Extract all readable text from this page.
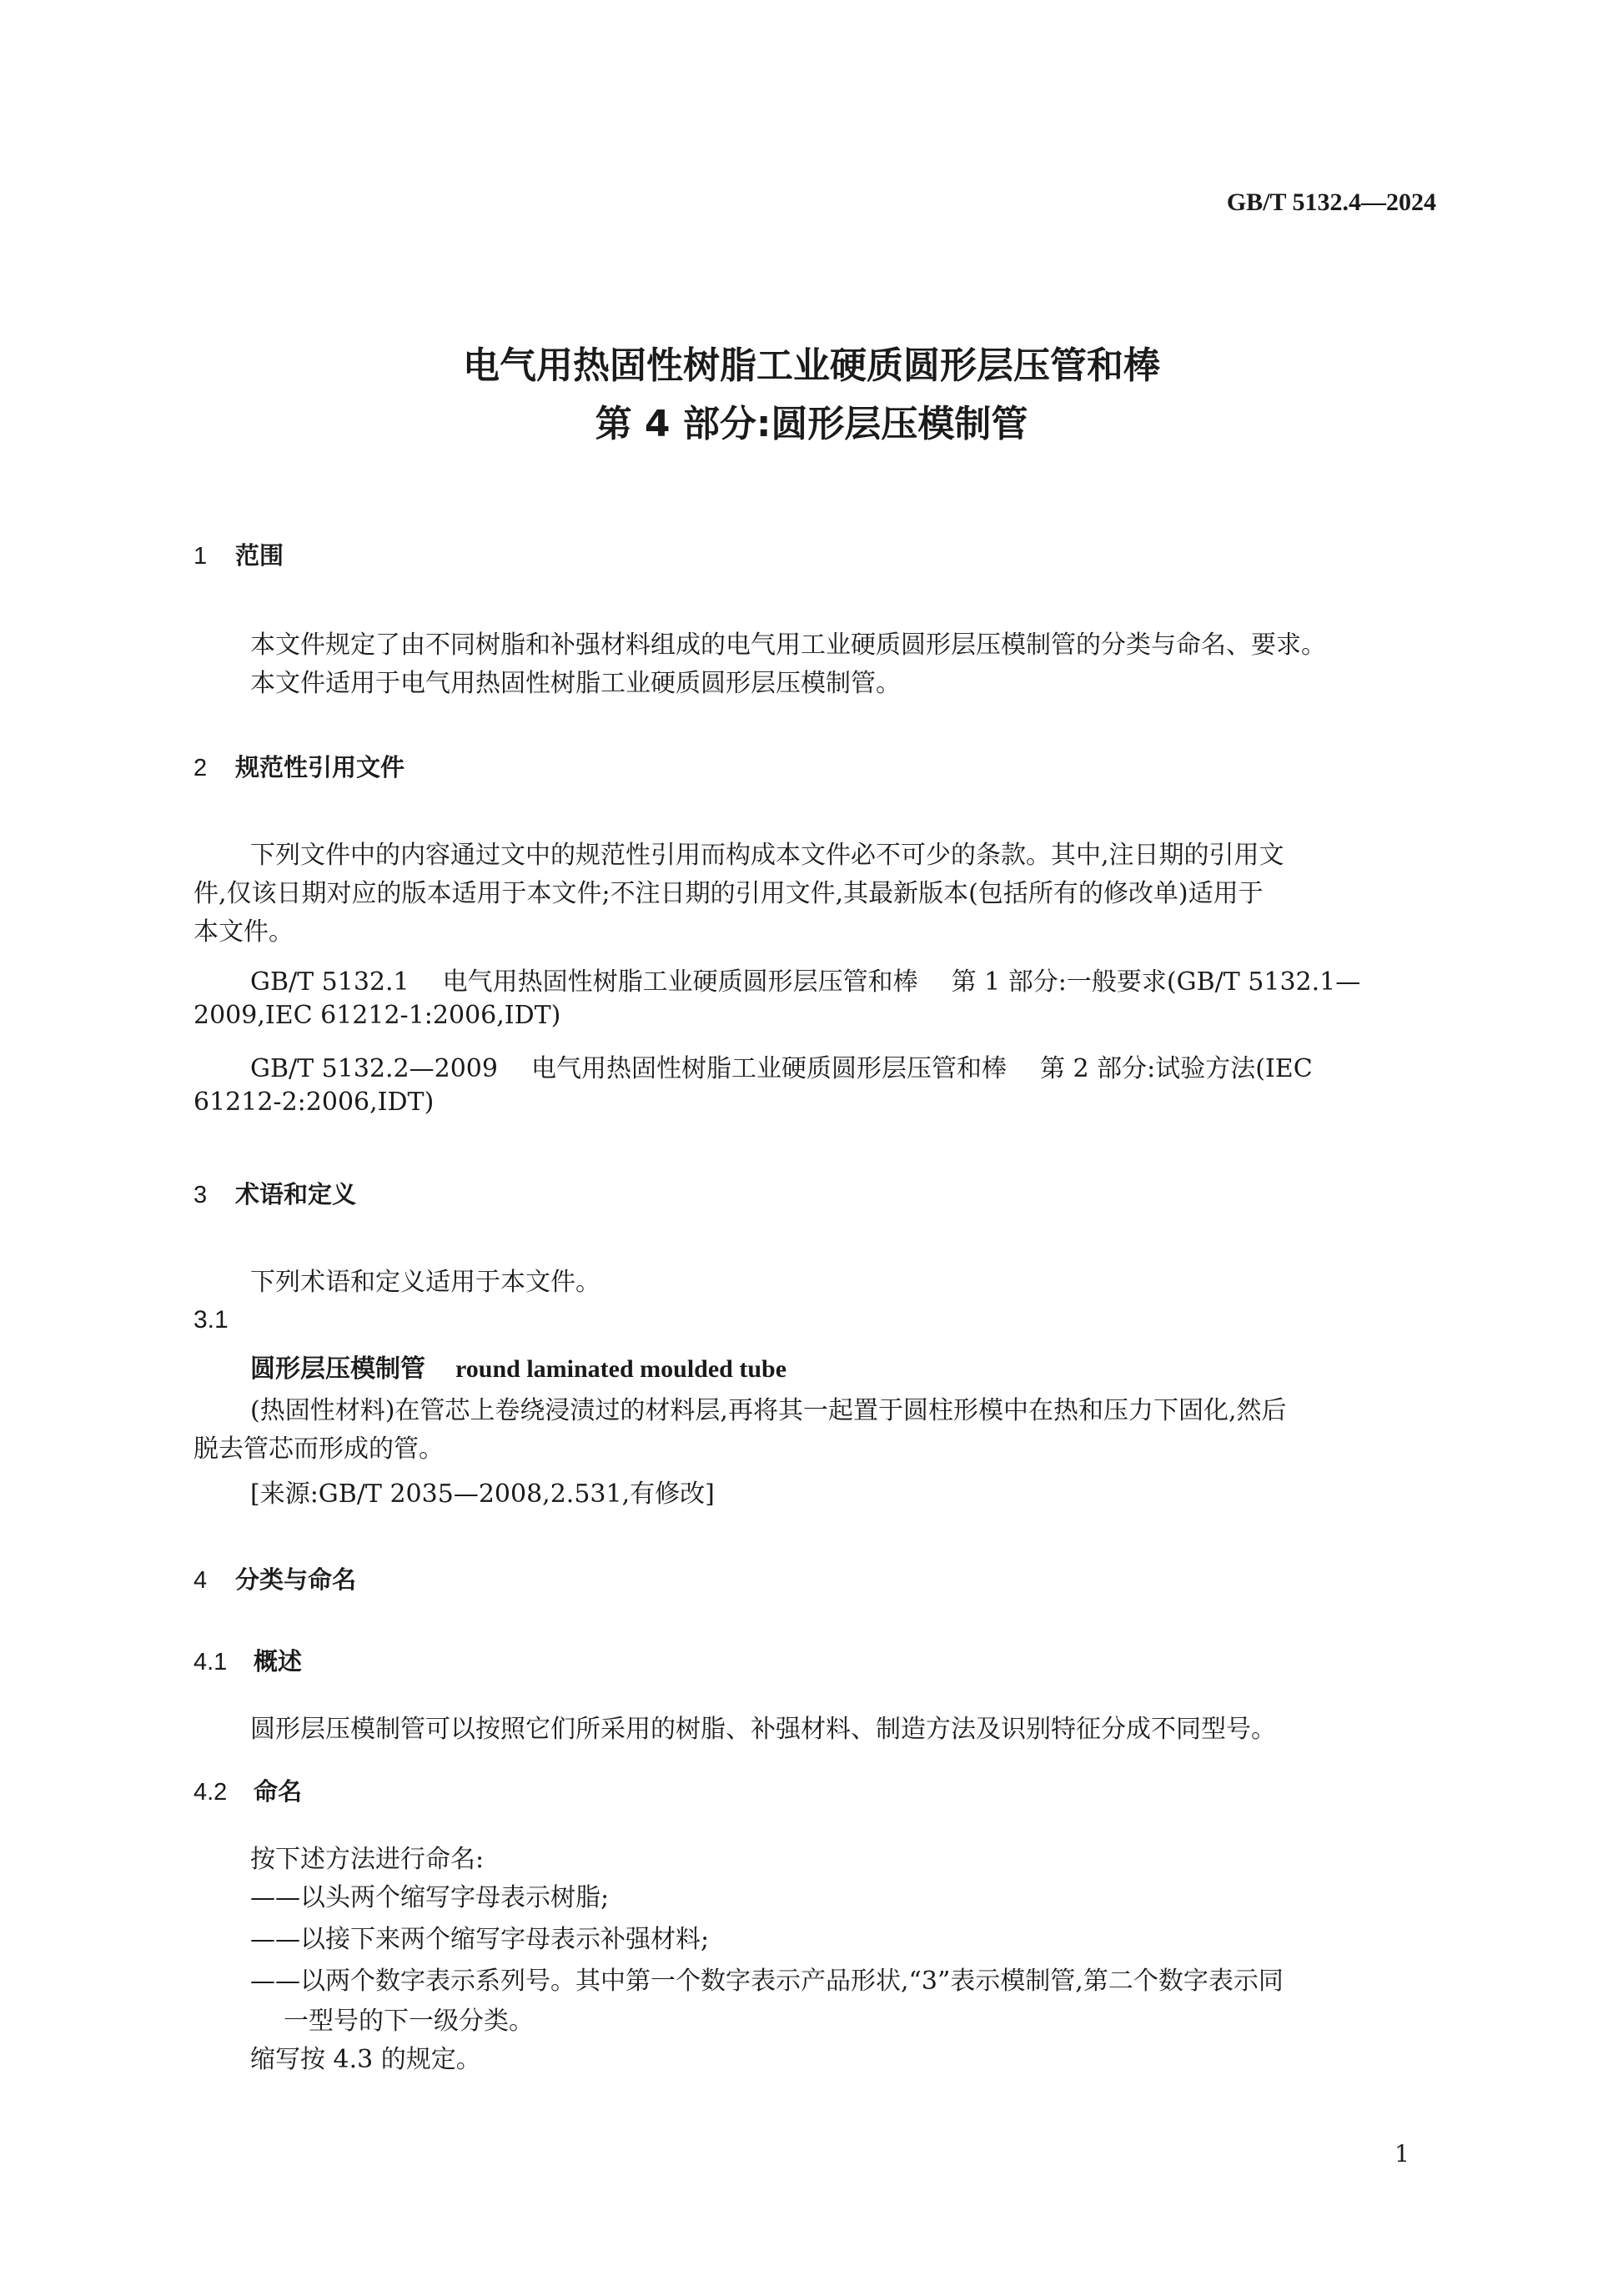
GB/T 5132.4—2024
电气用热固性树脂工业硬质圆形层压管和棒
第 4 部分:圆形层压模制管
1 范围
本文件规定了由不同树脂和补强材料组成的电气用工业硬质圆形层压模制管的分类与命名、要求。
本文件适用于电气用热固性树脂工业硬质圆形层压模制管。
2 规范性引用文件
下列文件中的内容通过文中的规范性引用而构成本文件必不可少的条款。其中,注日期的引用文
件,仅该日期对应的版本适用于本文件;不注日期的引用文件,其最新版本(包括所有的修改单)适用于
本文件。
GB/T 5132.1 电气用热固性树脂工业硬质圆形层压管和棒 第 1 部分:一般要求(GB/T 5132.1—
2009,IEC 61212-1:2006,IDT)
GB/T 5132.2—2009 电气用热固性树脂工业硬质圆形层压管和棒 第 2 部分:试验方法(IEC
61212-2:2006,IDT)
3 术语和定义
下列术语和定义适用于本文件。
3.1
圆形层压模制管 round laminated moulded tube
(热固性材料)在管芯上卷绕浸渍过的材料层,再将其一起置于圆柱形模中在热和压力下固化,然后
脱去管芯而形成的管。
[来源:GB/T 2035—2008,2.531,有修改]
4 分类与命名
4.1 概述
圆形层压模制管可以按照它们所采用的树脂、补强材料、制造方法及识别特征分成不同型号。
4.2 命名
按下述方法进行命名:
——以头两个缩写字母表示树脂;
——以接下来两个缩写字母表示补强材料;
——以两个数字表示系列号。其中第一个数字表示产品形状,“3”表示模制管,第二个数字表示同
一型号的下一级分类。
缩写按 4.3 的规定。
1
